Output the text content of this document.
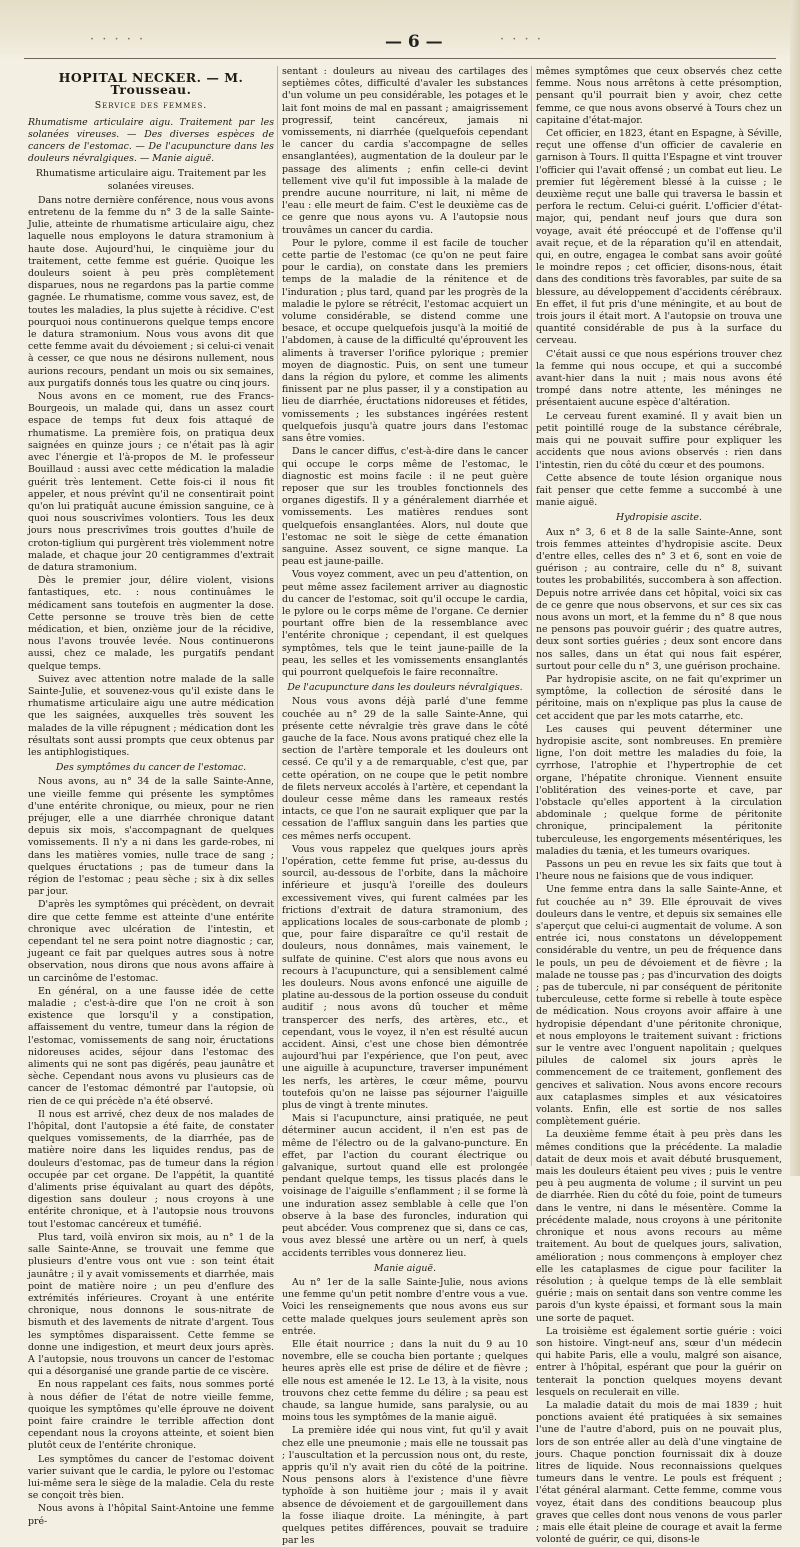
· · · · ·	— 6 —	· · · ·
HOPITAL NECKER. — M. Trousseau.
Service des femmes.

Rhumatisme articulaire aigu. Traitement par les solanées vireuses. — Des diverses espèces de cancers de l'estomac. — De l'acupuncture dans les douleurs névralgiques. — Manie aiguë.

Rhumatisme articulaire aigu. Traitement par les solanées vireuses.

Dans notre dernière conférence, nous vous avons entretenu de la femme du n° 3 de la salle Sainte-Julie, atteinte de rhumatisme articulaire aigu, chez laquelle nous employons le datura stramonium à haute dose. Aujourd'hui, le cinquième jour du traitement, cette femme est guérie. Quoique les douleurs soient à peu près complètement disparues, nous ne regardons pas la partie comme gagnée. Le rhumatisme, comme vous savez, est, de toutes les maladies, la plus sujette à récidive. C'est pourquoi nous continuerons quelque temps encore le datura stramonium. Nous vous avons dit que cette femme avait du dévoiement ; si celui-ci venait à cesser, ce que nous ne désirons nullement, nous aurions recours, pendant un mois ou six semaines, aux purgatifs donnés tous les quatre ou cinq jours.

Nous avons en ce moment, rue des Francs-Bourgeois, un malade qui, dans un assez court espace de temps fut deux fois attaqué de rhumatisme. La première fois, on pratiqua deux saignées en quinze jours ; ce n'était pas là agir avec l'énergie et l'à-propos de M. le professeur Bouillaud : aussi avec cette médication la maladie guérit très lentement. Cette fois-ci il nous fit appeler, et nous prévînt qu'il ne consentirait point qu'on lui pratiquât aucune émission sanguine, ce à quoi nous souscrivîmes volontiers. Tous les deux jours nous prescrivîmes trois gouttes d'huile de croton-tiglium qui purgèrent très violemment notre malade, et chaque jour 20 centigrammes d'extrait de datura stramonium.

Dès le premier jour, délire violent, visions fantastiques, etc. : nous continuâmes le médicament sans toutefois en augmenter la dose. Cette personne se trouve très bien de cette médication, et bien, onzième jour de la récidive, nous l'avons trouvée levée. Nous continuerons aussi, chez ce malade, les purgatifs pendant quelque temps.

Suivez avec attention notre malade de la salle Sainte-Julie, et souvenez-vous qu'il existe dans le rhumatisme articulaire aigu une autre médication que les saignées, auxquelles très souvent les malades de la ville répugnent ; médication dont les résultats sont aussi prompts que ceux obtenus par les antiphlogistiques.

Des symptômes du cancer de l'estomac.

Nous avons, au n° 34 de la salle Sainte-Anne, une vieille femme qui présente les symptômes d'une entérite chronique, ou mieux, pour ne rien préjuger, elle a une diarrhée chronique datant depuis six mois, s'accompagnant de quelques vomissements. Il n'y a ni dans les garde-robes, ni dans les matières vomies, nulle trace de sang ; quelques éructations ; pas de tumeur dans la région de l'estomac ; peau sèche ; six à dix selles par jour.

D'après les symptômes qui précèdent, on devrait dire que cette femme est atteinte d'une entérite chronique avec ulcération de l'intestin, et cependant tel ne sera point notre diagnostic ; car, jugeant ce fait par quelques autres sous à notre observation, nous dirons que nous avons affaire à un carcinôme de l'estomac.

En général, on a une fausse idée de cette maladie ; c'est-à-dire que l'on ne croit à son existence que lorsqu'il y a constipation, affaissement du ventre, tumeur dans la région de l'estomac, vomissements de sang noir, éructations nidoreuses acides, séjour dans l'estomac des aliments qui ne sont pas digérés, peau jaunâtre et sèche. Cependant nous avons vu plusieurs cas de cancer de l'estomac démontré par l'autopsie, où rien de ce qui précède n'a été observé.

Il nous est arrivé, chez deux de nos malades de l'hôpital, dont l'autopsie a été faite, de constater quelques vomissements, de la diarrhée, pas de matière noire dans les liquides rendus, pas de douleurs d'estomac, pas de tumeur dans la région occupée par cet organe. De l'appétit, la quantité d'aliments prise équivalant au quart des dépôts, digestion sans douleur ; nous croyons à une entérite chronique, et à l'autopsie nous trouvons tout l'estomac cancéreux et tuméfié.

Plus tard, voilà environ six mois, au n° 1 de la salle Sainte-Anne, se trouvait une femme que plusieurs d'entre vous ont vue : son teint était jaunâtre ; il y avait vomissements et diarrhée, mais point de matière noire ; un peu d'enflure des extrémités inférieures. Croyant à une entérite chronique, nous donnons le sous-nitrate de bismuth et des lavements de nitrate d'argent. Tous les symptômes disparaissent. Cette femme se donne une indigestion, et meurt deux jours après. A l'autopsie, nous trouvons un cancer de l'estomac qui a désorganisé une grande partie de ce viscère.

En nous rappelant ces faits, nous sommes porté à nous défier de l'état de notre vieille femme, quoique les symptômes qu'elle éprouve ne doivent point faire craindre le terrible affection dont cependant nous la croyons atteinte, et soient bien plutôt ceux de l'entérite chronique.

Les symptômes du cancer de l'estomac doivent varier suivant que le cardia, le pylore ou l'estomac lui-même sera le siège de la maladie. Cela du reste se conçoit très bien.

Nous avons à l'hôpital Saint-Antoine une femme pré-

sentant : douleurs au niveau des cartilages des septièmes côtes, difficulté d'avaler les substances d'un volume un peu considérable, les potages et le lait font moins de mal en passant ; amaigrissement progressif, teint cancéreux, jamais ni vomissements, ni diarrhée (quelquefois cependant le cancer du cardia s'accompagne de selles ensanglantées), augmentation de la douleur par le passage des aliments ; enfin celle-ci devint tellement vive qu'il fut impossible à la malade de prendre aucune nourriture, ni lait, ni même de l'eau : elle meurt de faim. C'est le deuxième cas de ce genre que nous ayons vu. A l'autopsie nous trouvâmes un cancer du cardia.

Pour le pylore, comme il est facile de toucher cette partie de l'estomac (ce qu'on ne peut faire pour le cardia), on constate dans les premiers temps de la maladie de la rénitence et de l'induration ; plus tard, quand par les progrès de la maladie le pylore se rétrécit, l'estomac acquiert un volume considérable, se distend comme une besace, et occupe quelquefois jusqu'à la moitié de l'abdomen, à cause de la difficulté qu'éprouvent les aliments à traverser l'orifice pylorique ; premier moyen de diagnostic. Puis, on sent une tumeur dans la région du pylore, et comme les aliments finissent par ne plus passer, il y a constipation au lieu de diarrhée, éructations nidoreuses et fétides, vomissements ; les substances ingérées restent quelquefois jusqu'à quatre jours dans l'estomac sans être vomies.

Dans le cancer diffus, c'est-à-dire dans le cancer qui occupe le corps même de l'estomac, le diagnostic est moins facile : il ne peut guère reposer que sur les troubles fonctionnels des organes digestifs. Il y a généralement diarrhée et vomissements. Les matières rendues sont quelquefois ensanglantées. Alors, nul doute que l'estomac ne soit le siège de cette émanation sanguine. Assez souvent, ce signe manque. La peau est jaune-paille.

Vous voyez comment, avec un peu d'attention, on peut même assez facilement arriver au diagnostic du cancer de l'estomac, soit qu'il occupe le cardia, le pylore ou le corps même de l'organe. Ce dernier pourtant offre bien de la ressemblance avec l'entérite chronique ; cependant, il est quelques symptômes, tels que le teint jaune-paille de la peau, les selles et les vomissements ensanglantés qui pourront quelquefois le faire reconnaître.

De l'acupuncture dans les douleurs névralgiques.

Nous vous avons déjà parlé d'une femme couchée au n° 29 de la salle Sainte-Anne, qui présente cette névralgie très grave dans le côté gauche de la face. Nous avons pratiqué chez elle la section de l'artère temporale et les douleurs ont cessé. Ce qu'il y a de remarquable, c'est que, par cette opération, on ne coupe que le petit nombre de filets nerveux accolés à l'artère, et cependant la douleur cesse même dans les rameaux restés intacts, ce que l'on ne saurait expliquer que par la cessation de l'afflux sanguin dans les parties que ces mêmes nerfs occupent.

Vous vous rappelez que quelques jours après l'opération, cette femme fut prise, au-dessus du sourcil, au-dessous de l'orbite, dans la mâchoire inférieure et jusqu'à l'oreille des douleurs excessivement vives, qui furent calmées par les frictions d'extrait de datura stramonium, des applications locales de sous-carbonate de plomb ; que, pour faire disparaître ce qu'il restait de douleurs, nous donnâmes, mais vainement, le sulfate de quinine. C'est alors que nous avons eu recours à l'acupuncture, qui a sensiblement calmé les douleurs. Nous avons enfoncé une aiguille de platine au-dessous de la portion osseuse du conduit auditif ; nous avons dû toucher et même transpercer des nerfs, des artères, etc., et cependant, vous le voyez, il n'en est résulté aucun accident. Ainsi, c'est une chose bien démontrée aujourd'hui par l'expérience, que l'on peut, avec une aiguille à acupuncture, traverser impunément les nerfs, les artères, le cœur même, pourvu toutefois qu'on ne laisse pas séjourner l'aiguille plus de vingt à trente minutes.

Mais si l'acupuncture, ainsi pratiquée, ne peut déterminer aucun accident, il n'en est pas de même de l'électro ou de la galvano-puncture. En effet, par l'action du courant électrique ou galvanique, surtout quand elle est prolongée pendant quelque temps, les tissus placés dans le voisinage de l'aiguille s'enflamment ; il se forme là une induration assez semblable à celle que l'on observe à la base des furoncles, induration qui peut abcéder. Vous comprenez que si, dans ce cas, vous avez blessé une artère ou un nerf, à quels accidents terribles vous donnerez lieu.

Manie aiguë.

Au n° 1er de la salle Sainte-Julie, nous avions une femme qu'un petit nombre d'entre vous a vue. Voici les renseignements que nous avons eus sur cette malade quelques jours seulement après son entrée.

Elle était nourrice ; dans la nuit du 9 au 10 novembre, elle se coucha bien portante ; quelques heures après elle est prise de délire et de fièvre ; elle nous est amenée le 12. Le 13, à la visite, nous trouvons chez cette femme du délire ; sa peau est chaude, sa langue humide, sans paralysie, ou au moins tous les symptômes de la manie aiguë.

La première idée qui nous vint, fut qu'il y avait chez elle une pneumonie ; mais elle ne toussait pas ; l'auscultation et la percussion nous ont, du reste, appris qu'il n'y avait rien du côté de la poitrine. Nous pensons alors à l'existence d'une fièvre typhoïde à son huitième jour ; mais il y avait absence de dévoiement et de gargouillement dans la fosse iliaque droite. La méningite, à part quelques petites différences, pouvait se traduire par les

mêmes symptômes que ceux observés chez cette femme. Nous nous arrêtons à cette présomption, pensant qu'il pourrait bien y avoir, chez cette femme, ce que nous avons observé à Tours chez un capitaine d'état-major.

Cet officier, en 1823, étant en Espagne, à Séville, reçut une offense d'un officier de cavalerie en garnison à Tours. Il quitta l'Espagne et vint trouver l'officier qui l'avait offensé ; un combat eut lieu. Le premier fut légèrement blessé à la cuisse ; le deuxième reçut une balle qui traversa le bassin et perfora le rectum. Celui-ci guérit. L'officier d'état-major, qui, pendant neuf jours que dura son voyage, avait été préoccupé et de l'offense qu'il avait reçue, et de la réparation qu'il en attendait, qui, en outre, engagea le combat sans avoir goûté le moindre repos ; cet officier, disons-nous, était dans des conditions très favorables, par suite de sa blessure, au développement d'accidents cérébraux. En effet, il fut pris d'une méningite, et au bout de trois jours il était mort. A l'autopsie on trouva une quantité considérable de pus à la surface du cerveau.

C'était aussi ce que nous espérions trouver chez la femme qui nous occupe, et qui a succombé avant-hier dans la nuit ; mais nous avons été trompé dans notre attente, les méninges ne présentaient aucune espèce d'altération.

Le cerveau furent examiné. Il y avait bien un petit pointillé rouge de la substance cérébrale, mais qui ne pouvait suffire pour expliquer les accidents que nous avions observés : rien dans l'intestin, rien du côté du cœur et des poumons.

Cette absence de toute lésion organique nous fait penser que cette femme a succombé à une manie aiguë.

Hydropisie ascite.

Aux n° 3, 6 et 8 de la salle Sainte-Anne, sont trois femmes atteintes d'hydropisie ascite. Deux d'entre elles, celles des n° 3 et 6, sont en voie de guérison ; au contraire, celle du n° 8, suivant toutes les probabilités, succombera à son affection. Depuis notre arrivée dans cet hôpital, voici six cas de ce genre que nous observons, et sur ces six cas nous avons un mort, et la femme du n° 8 que nous ne pensons pas pouvoir guérir ; des quatre autres, deux sont sorties guéries ; deux sont encore dans nos salles, dans un état qui nous fait espérer, surtout pour celle du n° 3, une guérison prochaine.

Par hydropisie ascite, on ne fait qu'exprimer un symptôme, la collection de sérosité dans le péritoine, mais on n'explique pas plus la cause de cet accident que par les mots catarrhe, etc.

Les causes qui peuvent déterminer une hydropisie ascite, sont nombreuses. En première ligne, l'on doit mettre les maladies du foie, la cyrrhose, l'atrophie et l'hypertrophie de cet organe, l'hépatite chronique. Viennent ensuite l'oblitération des veines-porte et cave, par l'obstacle qu'elles apportent à la circulation abdominale ; quelque forme de péritonite chronique, principalement la péritonite tuberculeuse, les engorgements mésentériques, les maladies du tænia, et les tumeurs ovariques.

Passons un peu en revue les six faits que tout à l'heure nous ne faisions que de vous indiquer.

Une femme entra dans la salle Sainte-Anne, et fut couchée au n° 39. Elle éprouvait de vives douleurs dans le ventre, et depuis six semaines elle s'aperçut que celui-ci augmentait de volume. A son entrée ici, nous constatons un développement considérable du ventre, un peu de fréquence dans le pouls, un peu de dévoiement et de fièvre ; la malade ne tousse pas ; pas d'incurvation des doigts ; pas de tubercule, ni par conséquent de péritonite tuberculeuse, cette forme si rebelle à toute espèce de médication. Nous croyons avoir affaire à une hydropisie dépendant d'une péritonite chronique, et nous employons le traitement suivant : frictions sur le ventre avec l'onguent napolitain ; quelques pilules de calomel six jours après le commencement de ce traitement, gonflement des gencives et salivation. Nous avons encore recours aux cataplasmes simples et aux vésicatoires volants. Enfin, elle est sortie de nos salles complètement guérie.

La deuxième femme était à peu près dans les mêmes conditions que la précédente. La maladie datait de deux mois et avait débuté brusquement, mais les douleurs étaient peu vives ; puis le ventre peu à peu augmenta de volume ; il survint un peu de diarrhée. Rien du côté du foie, point de tumeurs dans le ventre, ni dans le mésentère. Comme la précédente malade, nous croyons à une péritonite chronique et nous avons recours au même traitement. Au bout de quelques jours, salivation, amélioration ; nous commençons à employer chez elle les cataplasmes de cigue pour faciliter la résolution ; à quelque temps de là elle semblait guérie ; mais on sentait dans son ventre comme les parois d'un kyste épaissi, et formant sous la main une sorte de paquet.

La troisième est également sortie guérie : voici son histoire. Vingt-neuf ans, sœur d'un médecin qui habite Paris, elle a voulu, malgré son aisance, entrer à l'hôpital, espérant que pour la guérir on tenterait la ponction quelques moyens devant lesquels on reculerait en ville.

La maladie datait du mois de mai 1839 ; huit ponctions avaient été pratiquées à six semaines l'une de l'autre d'abord, puis on ne pouvait plus, lors de son entrée aller au delà d'une vingtaine de jours. Chaque ponction fournissait dix à douze litres de liquide. Nous reconnaissions quelques tumeurs dans le ventre. Le pouls est fréquent ; l'état général alarmant. Cette femme, comme vous voyez, était dans des conditions beaucoup plus graves que celles dont nous venons de vous parler ; mais elle était pleine de courage et avait la ferme volonté de guérir, ce qui, disons-le
